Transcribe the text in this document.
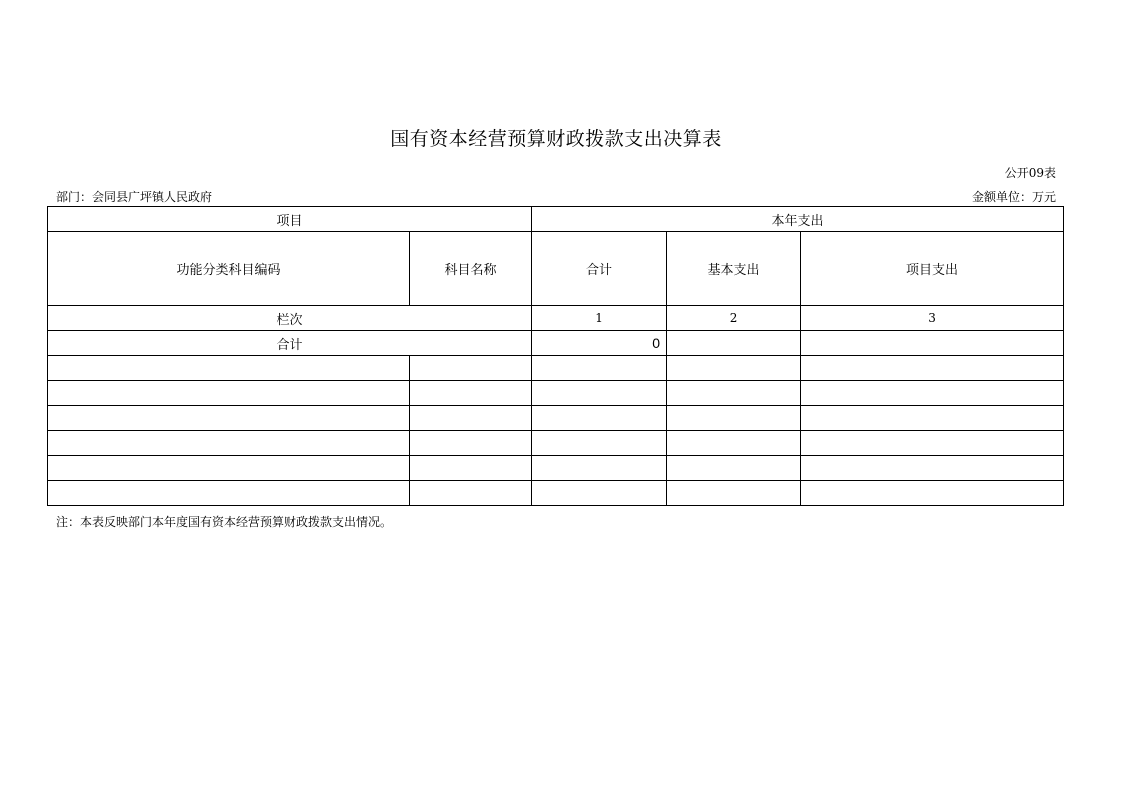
国有资本经营预算财政拨款支出决算表
公开09表
部门：会同县广坪镇人民政府	金额单位：万元
项目		本年支出		
功能分类科目编码	科目名称	合计	基本支出	项目支出
栏次		1	2	3
合计		0		

注：本表反映部门本年度国有资本经营预算财政拨款支出情况。
